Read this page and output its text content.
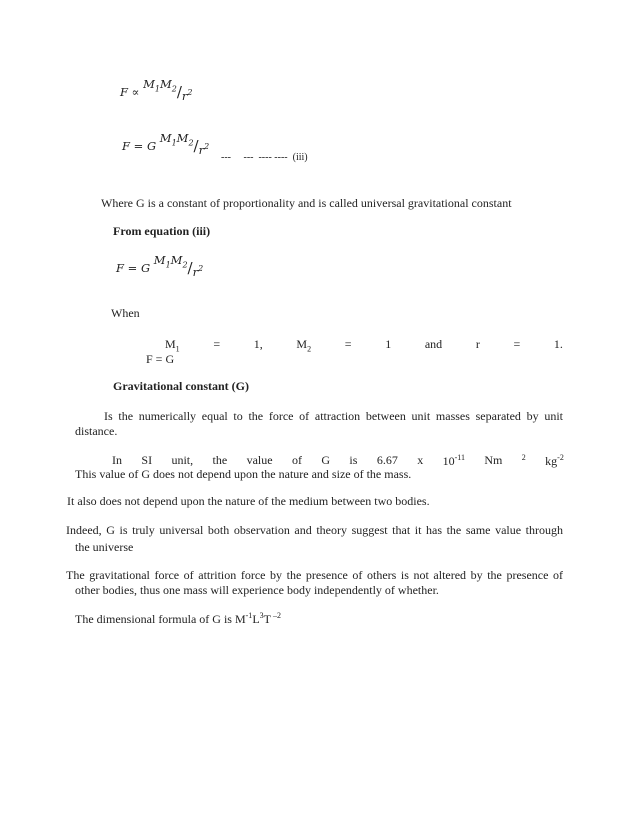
$F \propto M_1M_2/r^2$
F = G $M_1M_2/r^2$
---     ---  ---- ----  (iii)
Where G is a constant of proportionality and is called universal gravitational constant
From equation (iii)
F = G $M_1M_2/r^2$
When
$M_1$	=	1,	$M_2$	=	1	and	r	=	1.
F = G
Gravitational constant (G)
Is the numerically equal to the force of attraction between unit masses separated by unit
distance.
In SI unit, the value of G is 6.67 x $10^{-11}$ Nm $^2$ $kg^{-2}$
This value of G does not depend upon the nature and size of the mass.
It also does not depend upon the nature of the medium between two bodies.
Indeed, G is truly universal both observation and theory suggest that it has the same value through
the universe
The gravitational force of attrition force by the presence of others is not altered by the presence of
other bodies, thus one mass will experience body independently of whether.
The dimensional formula of G is $M^{-1}L^3T$ $^{-2}$
